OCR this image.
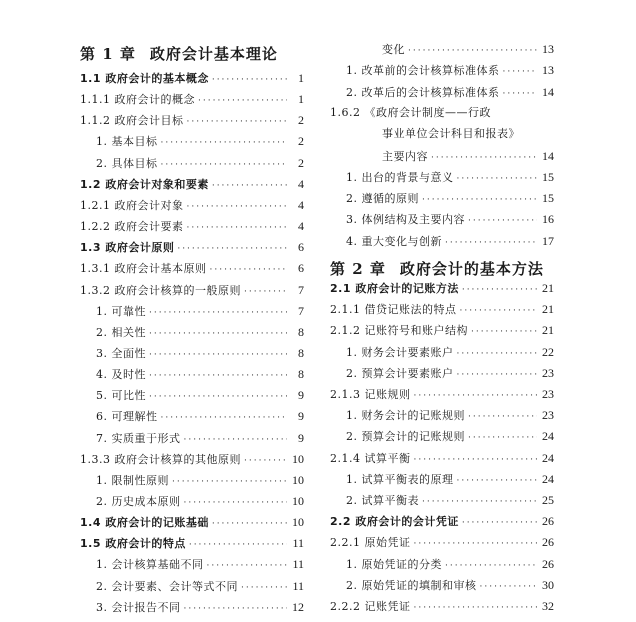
第 1 章 政府会计基本理论
1.1 政府会计的基本概念 ·····	1
1.1.1 政府会计的概念 ·····	1
1.1.2 政府会计目标 ·····	2
1. 基本目标 ·····	2
2. 具体目标 ·····	2
1.2 政府会计对象和要素 ·····	4
1.2.1 政府会计对象 ·····	4
1.2.2 政府会计要素 ·····	4
1.3 政府会计原则 ·····	6
1.3.1 政府会计基本原则 ·····	6
1.3.2 政府会计核算的一般原则 ·····	7
1. 可靠性 ·····	7
2. 相关性 ·····	8
3. 全面性 ·····	8
4. 及时性 ·····	8
5. 可比性 ·····	9
6. 可理解性 ·····	9
7. 实质重于形式 ·····	9
1.3.3 政府会计核算的其他原则 ·····	10
1. 限制性原则 ·····	10
2. 历史成本原则 ·····	10
1.4 政府会计的记账基础 ·····	10
1.5 政府会计的特点 ·····	11
1. 会计核算基础不同 ·····	11
2. 会计要素、会计等式不同 ·····	11
3. 会计报告不同 ·····	12
第 2 章 政府会计的基本方法
变化 ·····	13
1. 改革前的会计核算标准体系 ·····	13
2. 改革后的会计核算标准体系 ·····	14
1.6.2 《政府会计制度——行政
事业单位会计科目和报表》
主要内容 ·····	14
1. 出台的背景与意义 ·····	15
2. 遵循的原则 ·····	15
3. 体例结构及主要内容 ·····	16
4. 重大变化与创新 ·····	17
2.1 政府会计的记账方法 ·····	21
2.1.1 借贷记账法的特点 ·····	21
2.1.2 记账符号和账户结构 ·····	21
1. 财务会计要素账户 ·····	22
2. 预算会计要素账户 ·····	23
2.1.3 记账规则 ·····	23
1. 财务会计的记账规则 ·····	23
2. 预算会计的记账规则 ·····	24
2.1.4 试算平衡 ·····	24
1. 试算平衡表的原理 ·····	24
2. 试算平衡表 ·····	25
2.2 政府会计的会计凭证 ·····	26
2.2.1 原始凭证 ·····	26
1. 原始凭证的分类 ·····	26
2. 原始凭证的填制和审核 ·····	30
2.2.2 记账凭证 ·····	32
